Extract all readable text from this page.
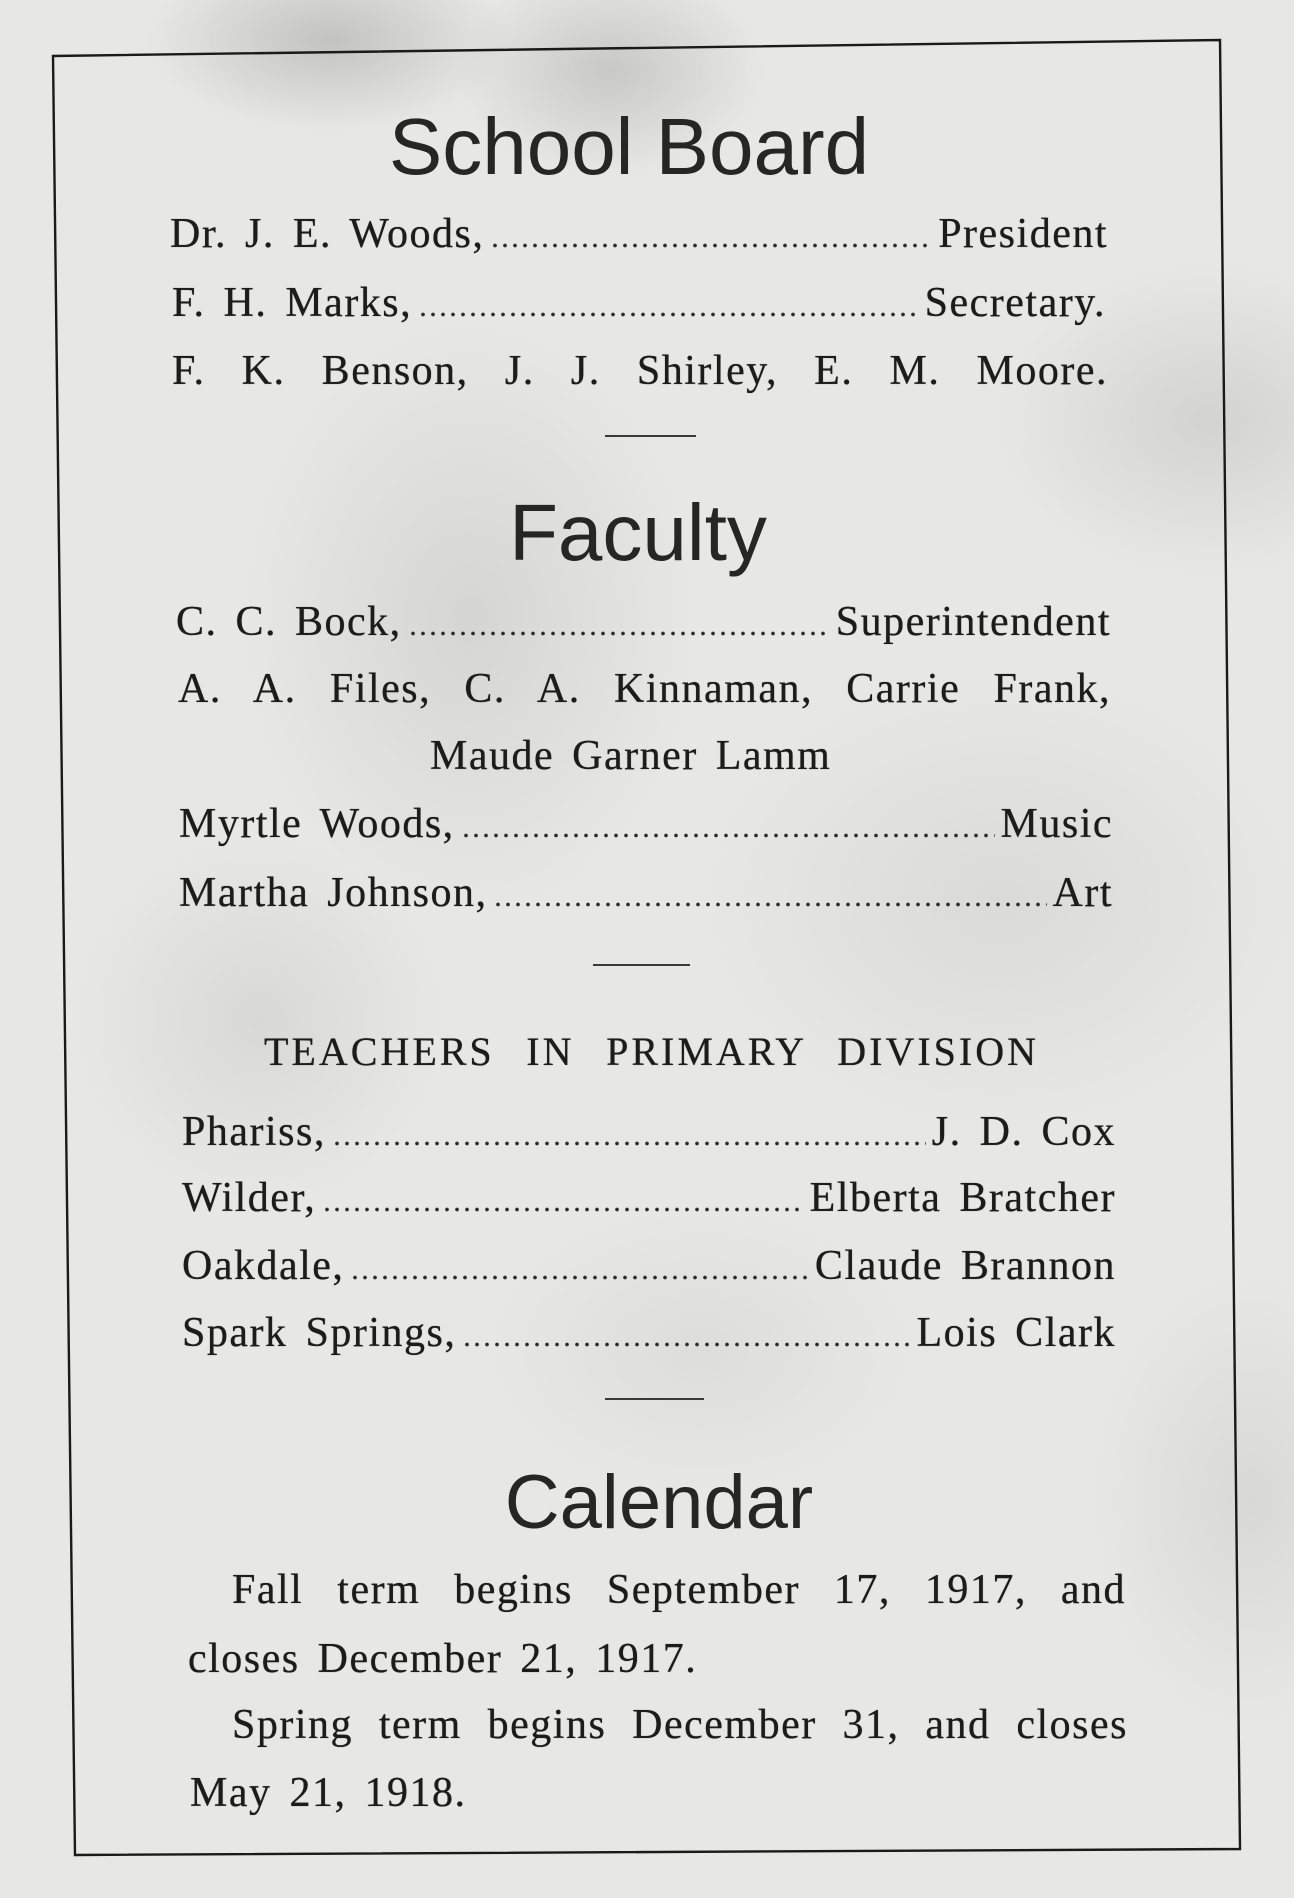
School Board
Dr. J. E. Woods,	President
F. H. Marks,	Secretary.
F. K. Benson, J. J. Shirley, E. M. Moore.
Faculty
C. C. Bock,	Superintendent
A. A. Files, C. A. Kinnaman, Carrie Frank,
Maude Garner Lamm
Myrtle Woods,	Music
Martha Johnson,	Art
TEACHERS IN PRIMARY DIVISION
Phariss,	J. D. Cox
Wilder,	Elberta Bratcher
Oakdale,	Claude Brannon
Spark Springs,	Lois Clark
Calendar
Fall term begins September 17, 1917, and
closes December 21, 1917.
Spring term begins December 31, and closes
May 21, 1918.
